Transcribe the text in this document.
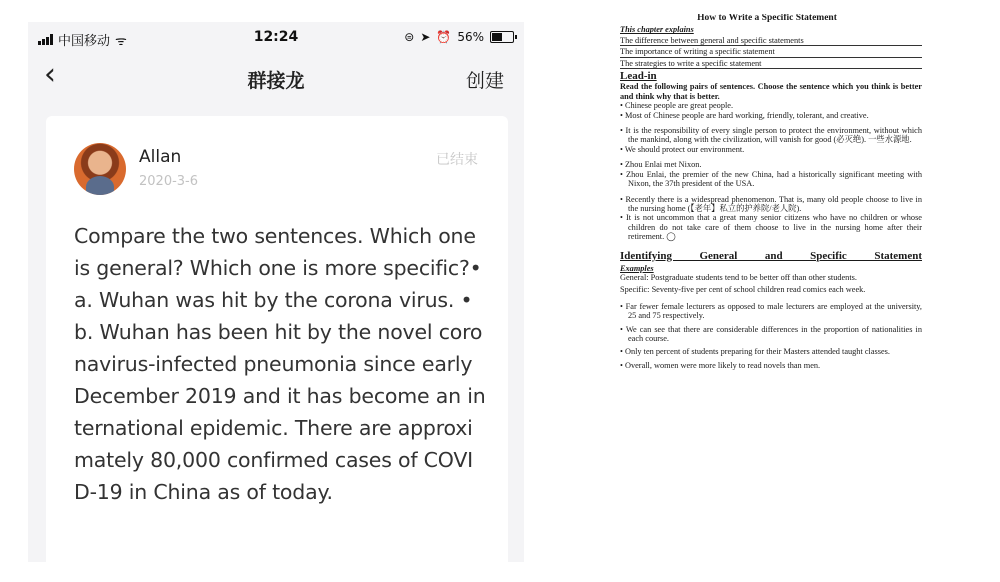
中国移动 ᯤ	12:24	⊜ ➤ ⏰ 56%
‹	群接龙	创建
Allan
2020-3-6
已结束
Compare the two sentences. Which one is general? Which one is more specific?•a. Wuhan was hit by the corona virus. •b. Wuhan has been hit by the novel coronavirus-infected pneumonia since early December 2019 and it has become an international epidemic. There are approximately 80,000 confirmed cases of COVID-19 in China as of today.
How to Write a Specific Statement
This chapter explains
The difference between general and specific statements
The importance of writing a specific statement
The strategies to write a specific statement
Lead-in
Read the following pairs of sentences. Choose the sentence which you think is better and think why that is better.
• Chinese people are great people.
• Most of Chinese people are hard working, friendly, tolerant, and creative.
• It is the responsibility of every single person to protect the environment, without which the mankind, along with the civilization, will vanish for good (必灭绝). 一些水源地.
• We should protect our environment.
• Zhou Enlai met Nixon.
• Zhou Enlai, the premier of the new China, had a historically significant meeting with Nixon, the 37th president of the USA.
• Recently there is a widespread phenomenon. That is, many old people choose to live in the nursing home (【老年】私立的护养院/老人院).
• It is not uncommon that a great many senior citizens who have no children or whose children do not take care of them choose to live in the nursing home after their retirement. ◯
Identifying General and Specific Statement
Examples
General: Postgraduate students tend to be better off than other students.
Specific: Seventy-five per cent of school children read comics each week.
• Far fewer female lecturers as opposed to male lecturers are employed at the university, 25 and 75 respectively.
• We can see that there are considerable differences in the proportion of nationalities in each course.
• Only ten percent of students preparing for their Masters attended taught classes.
• Overall, women were more likely to read novels than men.
